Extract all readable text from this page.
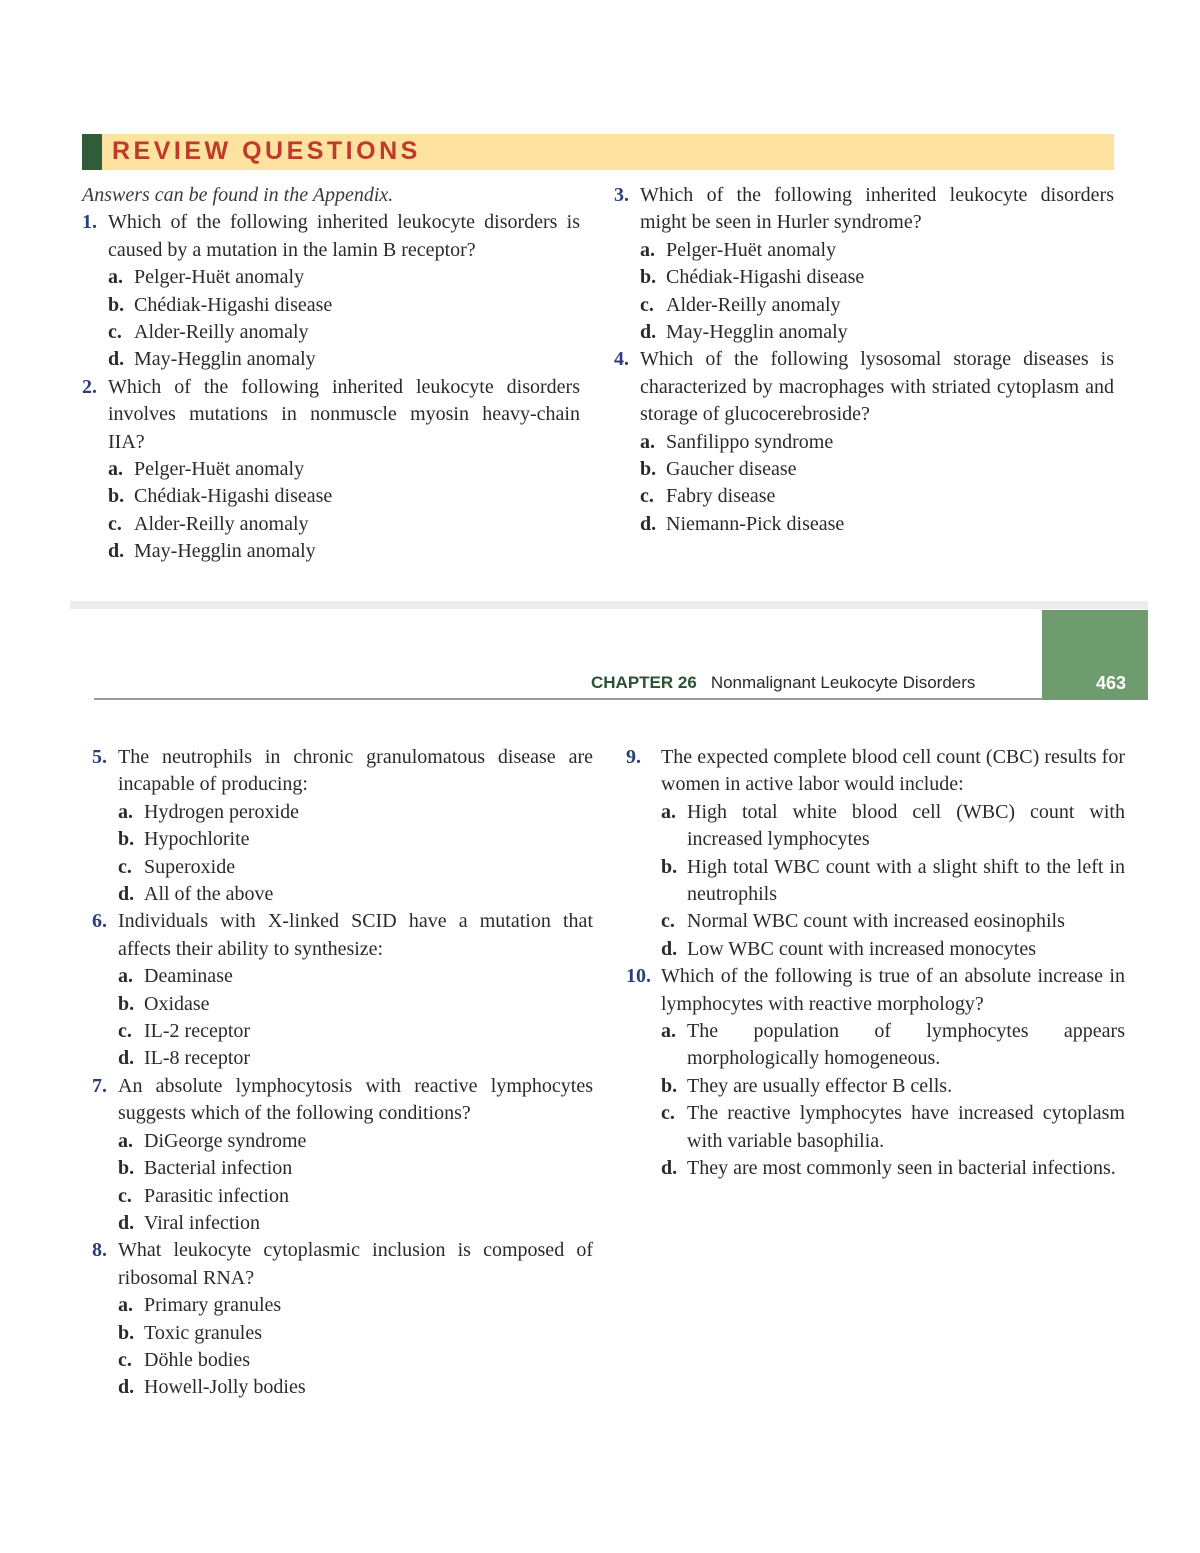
REVIEW QUESTIONS
Answers can be found in the Appendix.
1. Which of the following inherited leukocyte disorders is caused by a mutation in the lamin B receptor?
a. Pelger-Huët anomaly
b. Chédiak-Higashi disease
c. Alder-Reilly anomaly
d. May-Hegglin anomaly
2. Which of the following inherited leukocyte disorders involves mutations in nonmuscle myosin heavy-chain IIA?
a. Pelger-Huët anomaly
b. Chédiak-Higashi disease
c. Alder-Reilly anomaly
d. May-Hegglin anomaly
3. Which of the following inherited leukocyte disorders might be seen in Hurler syndrome?
a. Pelger-Huët anomaly
b. Chédiak-Higashi disease
c. Alder-Reilly anomaly
d. May-Hegglin anomaly
4. Which of the following lysosomal storage diseases is characterized by macrophages with striated cytoplasm and storage of glucocerebroside?
a. Sanfilippo syndrome
b. Gaucher disease
c. Fabry disease
d. Niemann-Pick disease
463
CHAPTER 26 Nonmalignant Leukocyte Disorders
5. The neutrophils in chronic granulomatous disease are incapable of producing:
a. Hydrogen peroxide
b. Hypochlorite
c. Superoxide
d. All of the above
6. Individuals with X-linked SCID have a mutation that affects their ability to synthesize:
a. Deaminase
b. Oxidase
c. IL-2 receptor
d. IL-8 receptor
7. An absolute lymphocytosis with reactive lymphocytes suggests which of the following conditions?
a. DiGeorge syndrome
b. Bacterial infection
c. Parasitic infection
d. Viral infection
8. What leukocyte cytoplasmic inclusion is composed of ribosomal RNA?
a. Primary granules
b. Toxic granules
c. Döhle bodies
d. Howell-Jolly bodies
9. The expected complete blood cell count (CBC) results for women in active labor would include:
a. High total white blood cell (WBC) count with increased lymphocytes
b. High total WBC count with a slight shift to the left in neutrophils
c. Normal WBC count with increased eosinophils
d. Low WBC count with increased monocytes
10. Which of the following is true of an absolute increase in lymphocytes with reactive morphology?
a. The population of lymphocytes appears morphologically homogeneous.
b. They are usually effector B cells.
c. The reactive lymphocytes have increased cytoplasm with variable basophilia.
d. They are most commonly seen in bacterial infections.
